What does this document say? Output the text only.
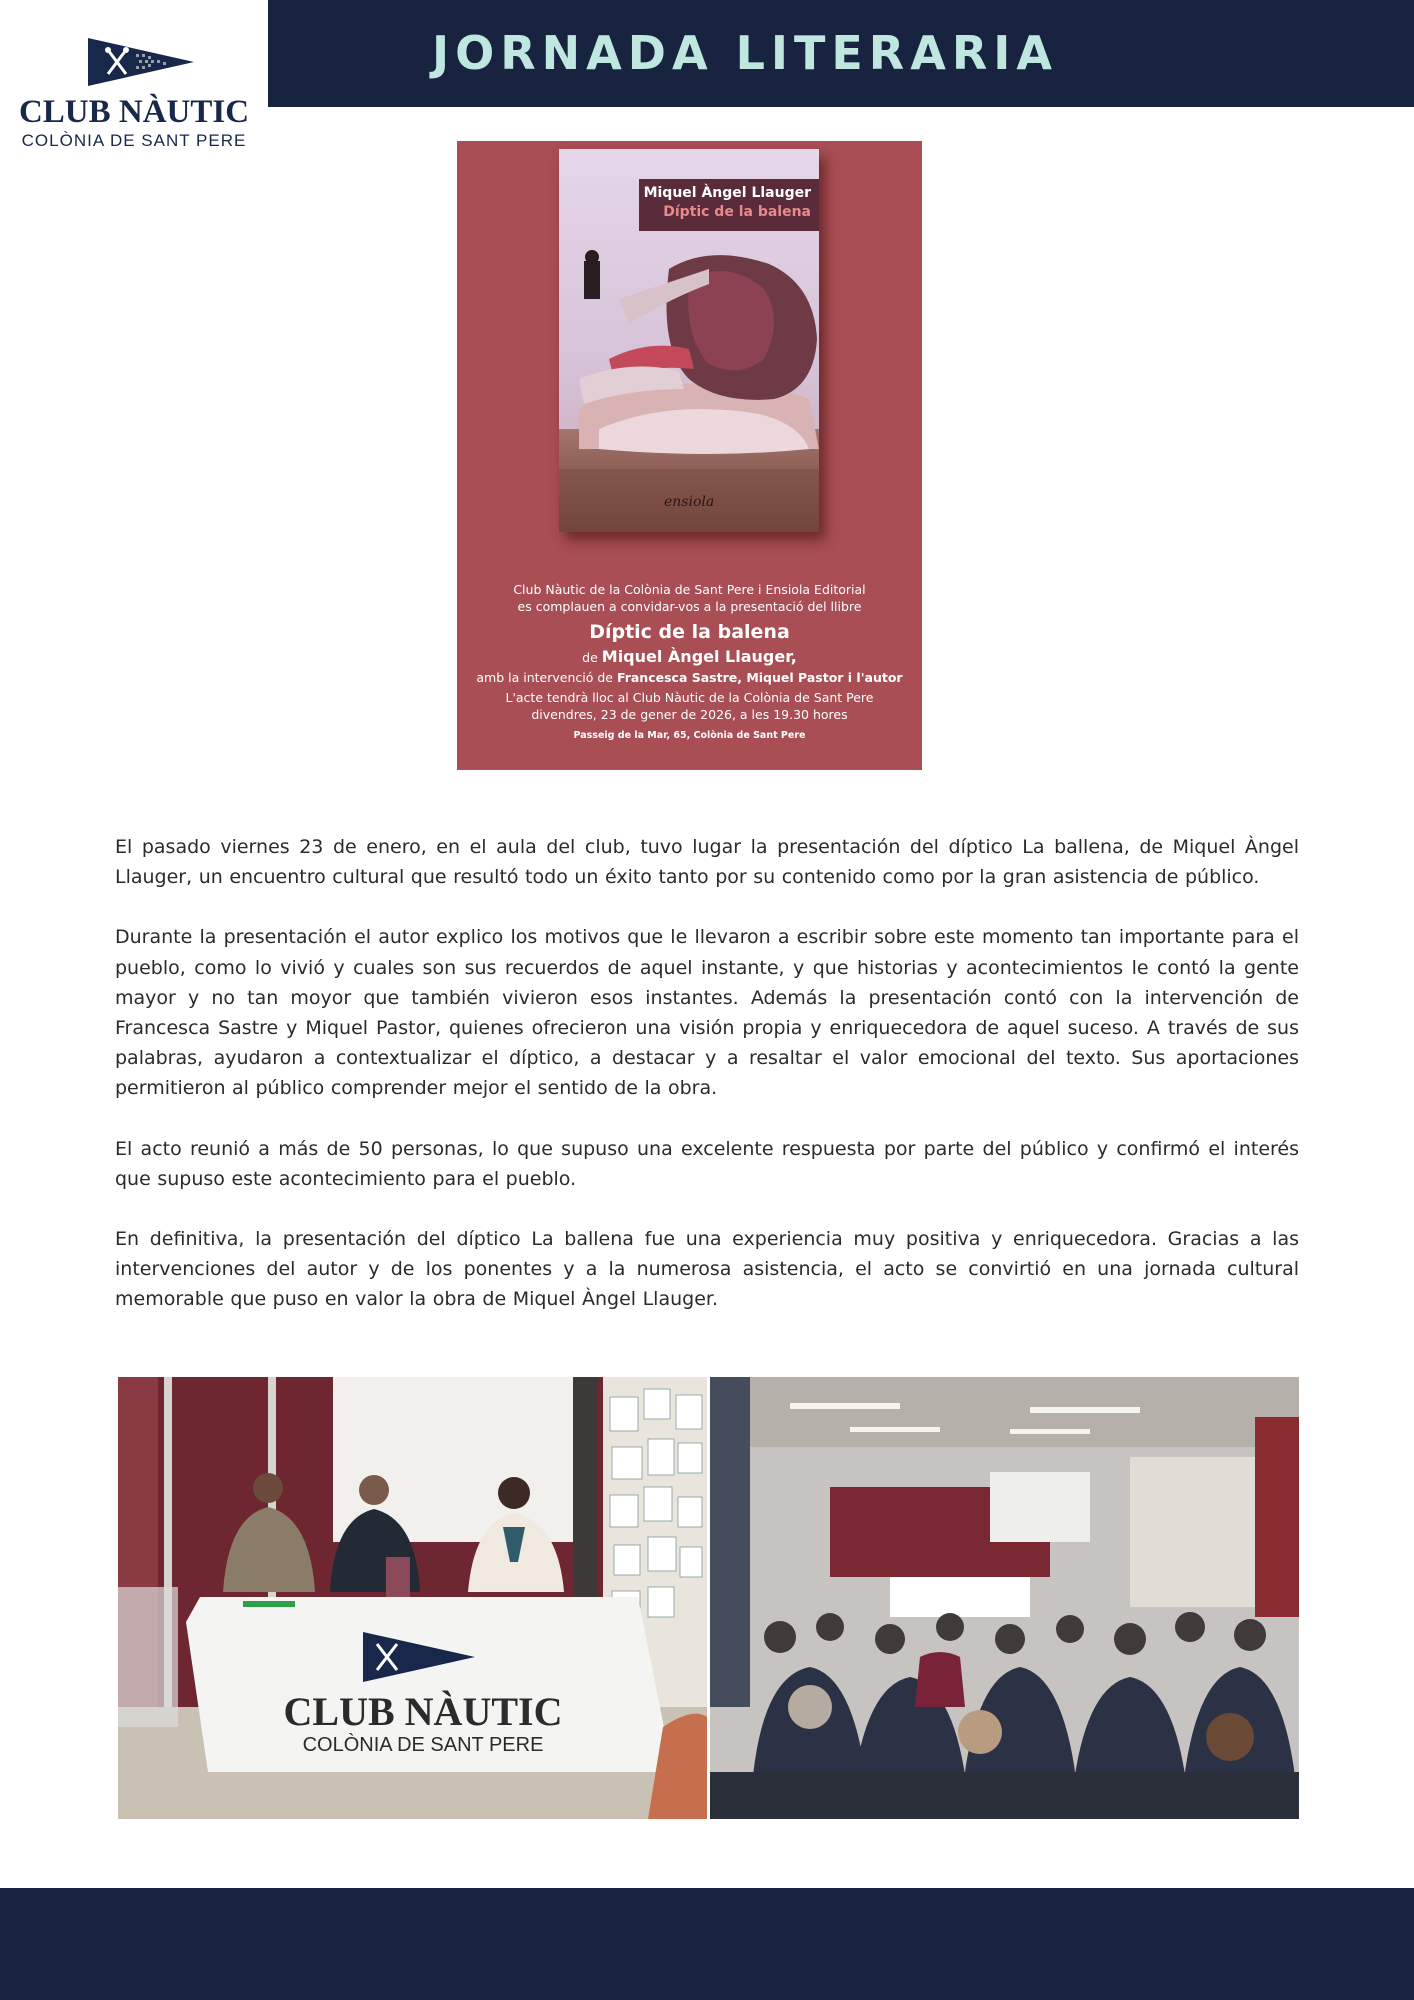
CLUB NÀUTIC
COLÒNIA DE SANT PERE
JORNADA LITERARIA
Miquel Àngel Llauger
Díptic de la balena
ensiola
Club Nàutic de la Colònia de Sant Pere i Ensiola Editorial
es complauen a convidar-vos a la presentació del llibre
Díptic de la balena
de Miquel Àngel Llauger,
amb la intervenció de Francesca Sastre, Miquel Pastor i l'autor
L'acte tendrà lloc al Club Nàutic de la Colònia de Sant Pere
divendres, 23 de gener de 2026, a les 19.30 hores
Passeig de la Mar, 65, Colònia de Sant Pere

El pasado viernes 23 de enero, en el aula del club, tuvo lugar la presentación del díptico La ballena, de Miquel Àngel Llauger, un encuentro cultural que resultó todo un éxito tanto por su contenido como por la gran asistencia de público.

Durante la presentación el autor explico los motivos que le llevaron a escribir sobre este momento tan importante para el pueblo, como lo vivió y cuales son sus recuerdos de aquel instante, y que historias y acontecimientos le contó la gente mayor y no tan moyor que también vivieron esos instantes. Además la presentación contó con la intervención de Francesca Sastre y Miquel Pastor, quienes ofrecieron una visión propia y enriquecedora de aquel suceso. A través de sus palabras, ayudaron a contextualizar el díptico, a destacar y a resaltar el valor emocional del texto. Sus aportaciones permitieron al público comprender mejor el sentido de la obra.

El acto reunió a más de 50 personas, lo que supuso una excelente respuesta por parte del público y confirmó el interés que supuso este acontecimiento para el pueblo.

En definitiva, la presentación del díptico La ballena fue una experiencia muy positiva y enriquecedora. Gracias a las intervenciones del autor y de los ponentes y a la numerosa asistencia, el acto se convirtió en una jornada cultural memorable que puso en valor la obra de Miquel Àngel Llauger.

CLUB NÀUTIC
COLÒNIA DE SANT PERE
